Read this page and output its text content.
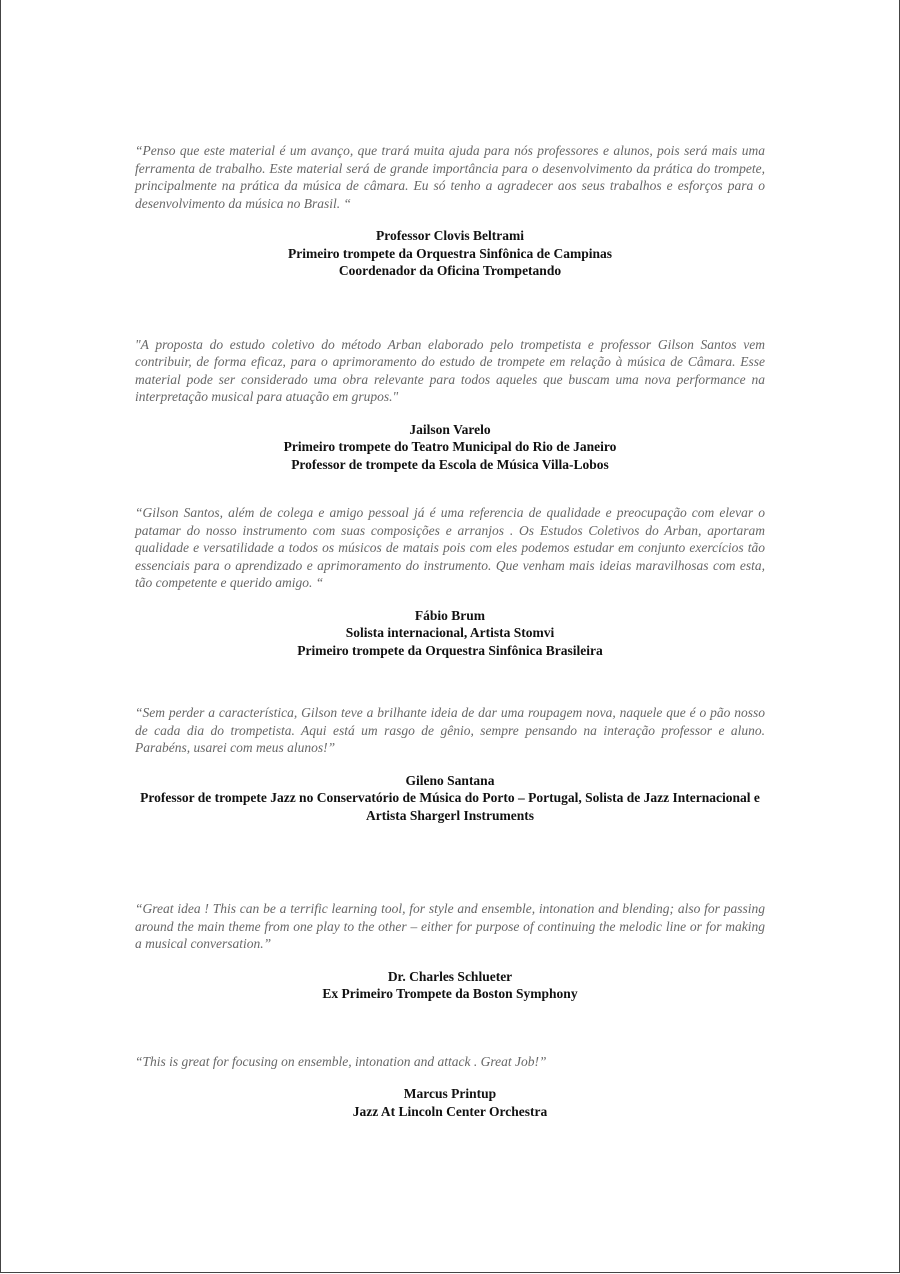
“Penso que este material é um avanço, que trará muita ajuda para nós professores e alunos, pois será mais uma ferramenta de trabalho. Este material será de grande importância para o desenvolvimento da prática do trompete, principalmente na prática da música de câmara. Eu só tenho a agradecer aos seus trabalhos e esforços para o desenvolvimento da música no Brasil. “

Professor Clovis Beltrami
Primeiro trompete da Orquestra Sinfônica de Campinas
Coordenador da Oficina Trompetando

"A proposta do estudo coletivo do método Arban elaborado pelo trompetista e professor Gilson Santos vem contribuir, de forma eficaz, para o aprimoramento do estudo de trompete em relação à música de Câmara. Esse material pode ser considerado uma obra relevante para todos aqueles que buscam uma nova performance na interpretação musical para atuação em grupos."

Jailson Varelo
Primeiro trompete do Teatro Municipal do Rio de Janeiro
Professor de trompete da Escola de Música Villa-Lobos

“Gilson Santos, além de colega e amigo pessoal já é uma referencia de qualidade e preocupação com elevar o patamar do nosso instrumento com suas composições e arranjos . Os Estudos Coletivos do Arban, aportaram qualidade e versatilidade a todos os músicos de matais pois com eles podemos estudar em conjunto exercícios tão essenciais para o aprendizado e aprimoramento do instrumento. Que venham mais ideias maravilhosas com esta, tão competente e querido amigo. “

Fábio Brum
Solista internacional, Artista Stomvi
Primeiro trompete da Orquestra Sinfônica Brasileira

“Sem perder a característica, Gilson teve a brilhante ideia de dar uma roupagem nova, naquele que é o pão nosso de cada dia do trompetista. Aqui está um rasgo de gênio, sempre pensando na interação professor e aluno. Parabéns, usarei com meus alunos!”

Gileno Santana
Professor de trompete Jazz no Conservatório de Música do Porto – Portugal, Solista de Jazz Internacional e Artista Shargerl Instruments

“Great idea ! This can be a terrific learning tool, for style and ensemble, intonation and blending; also for passing around the main theme from one play to the other – either for purpose of continuing the melodic line or for making a musical conversation.”

Dr. Charles Schlueter
Ex Primeiro Trompete da Boston Symphony

“This is great for focusing on ensemble, intonation and attack . Great Job!”

Marcus Printup
Jazz At Lincoln Center Orchestra
